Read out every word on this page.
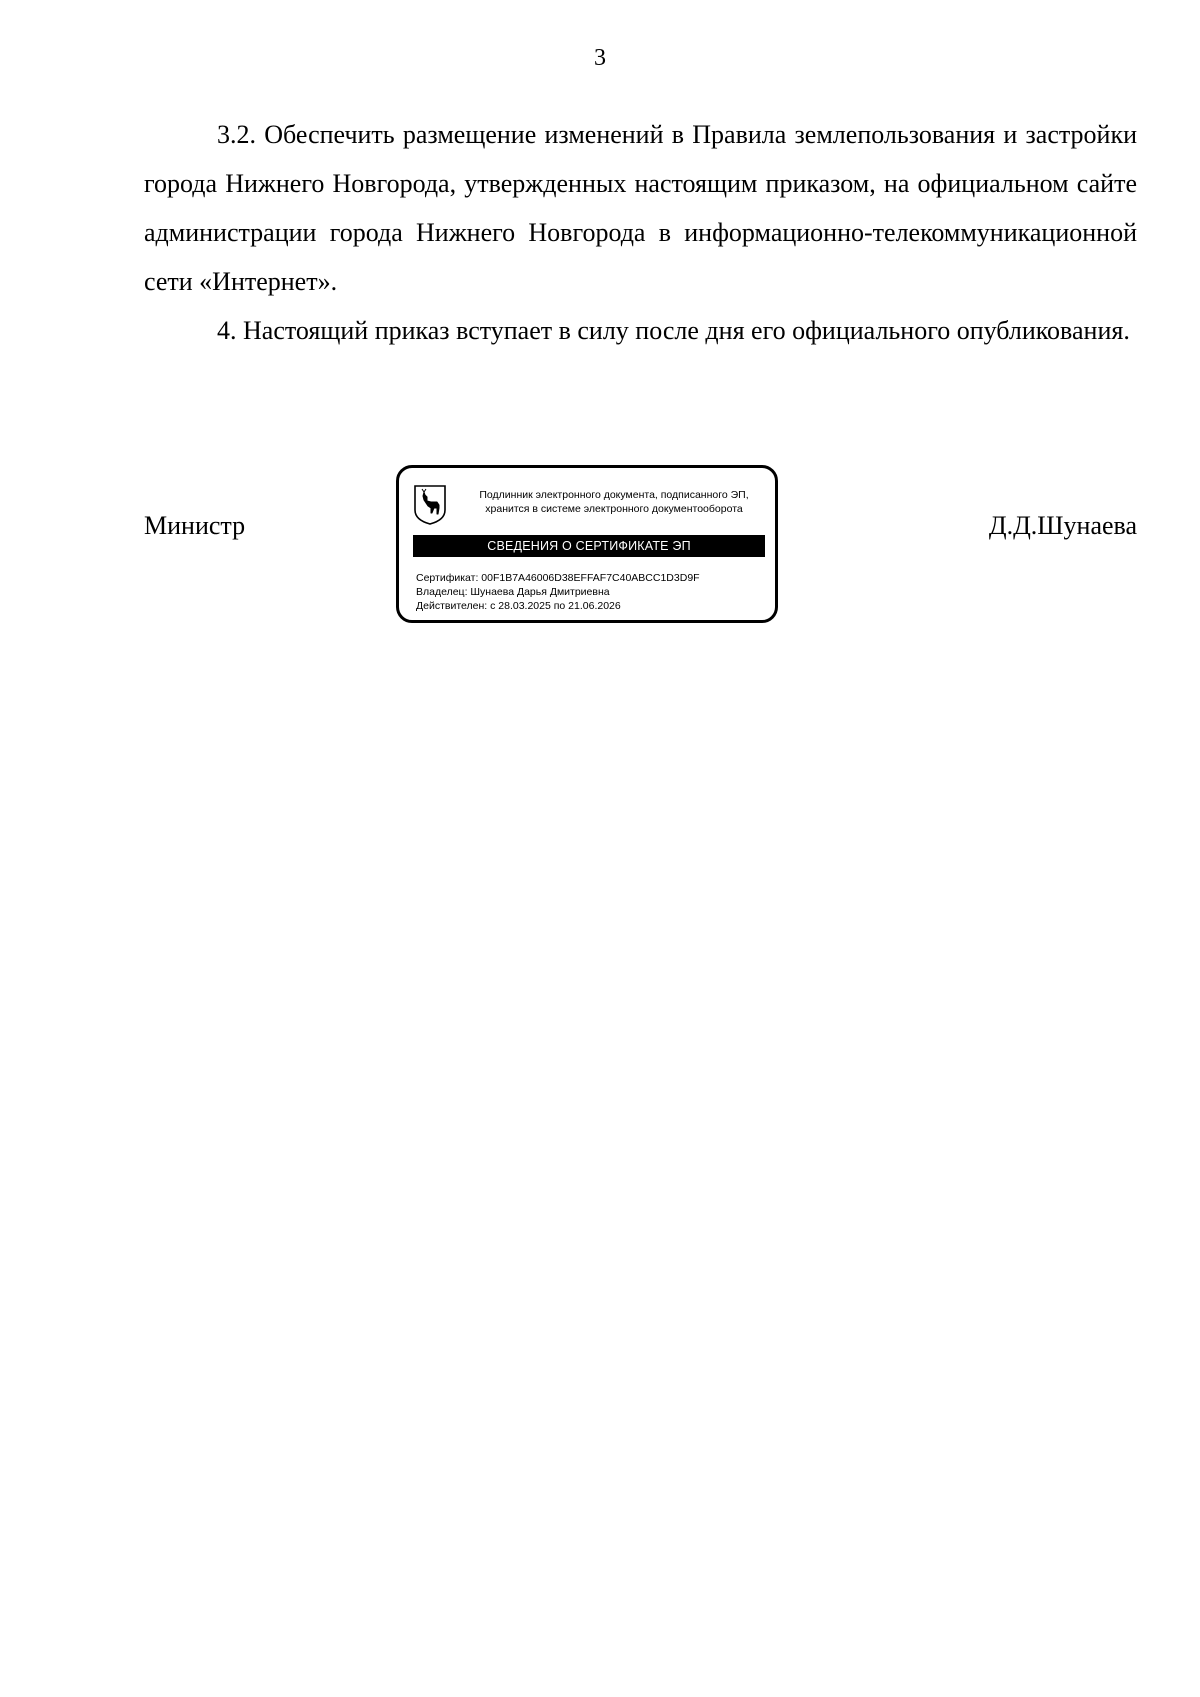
3

3.2. Обеспечить размещение изменений в Правила землепользования и застройки города Нижнего Новгорода, утвержденных настоящим приказом, на официальном сайте администрации города Нижнего Новгорода в информационно-телекоммуникационной сети «Интернет».

4. Настоящий приказ вступает в силу после дня его официального опубликования.

Министр	Д.Д.Шунаева
Подлинник электронного документа, подписанного ЭП,
хранится в системе электронного документооборота
СВЕДЕНИЯ О СЕРТИФИКАТЕ ЭП
Сертификат: 00F1B7A46006D38EFFAF7C40ABCC1D3D9F
Владелец: Шунаева Дарья Дмитриевна
Действителен: с 28.03.2025 по 21.06.2026
